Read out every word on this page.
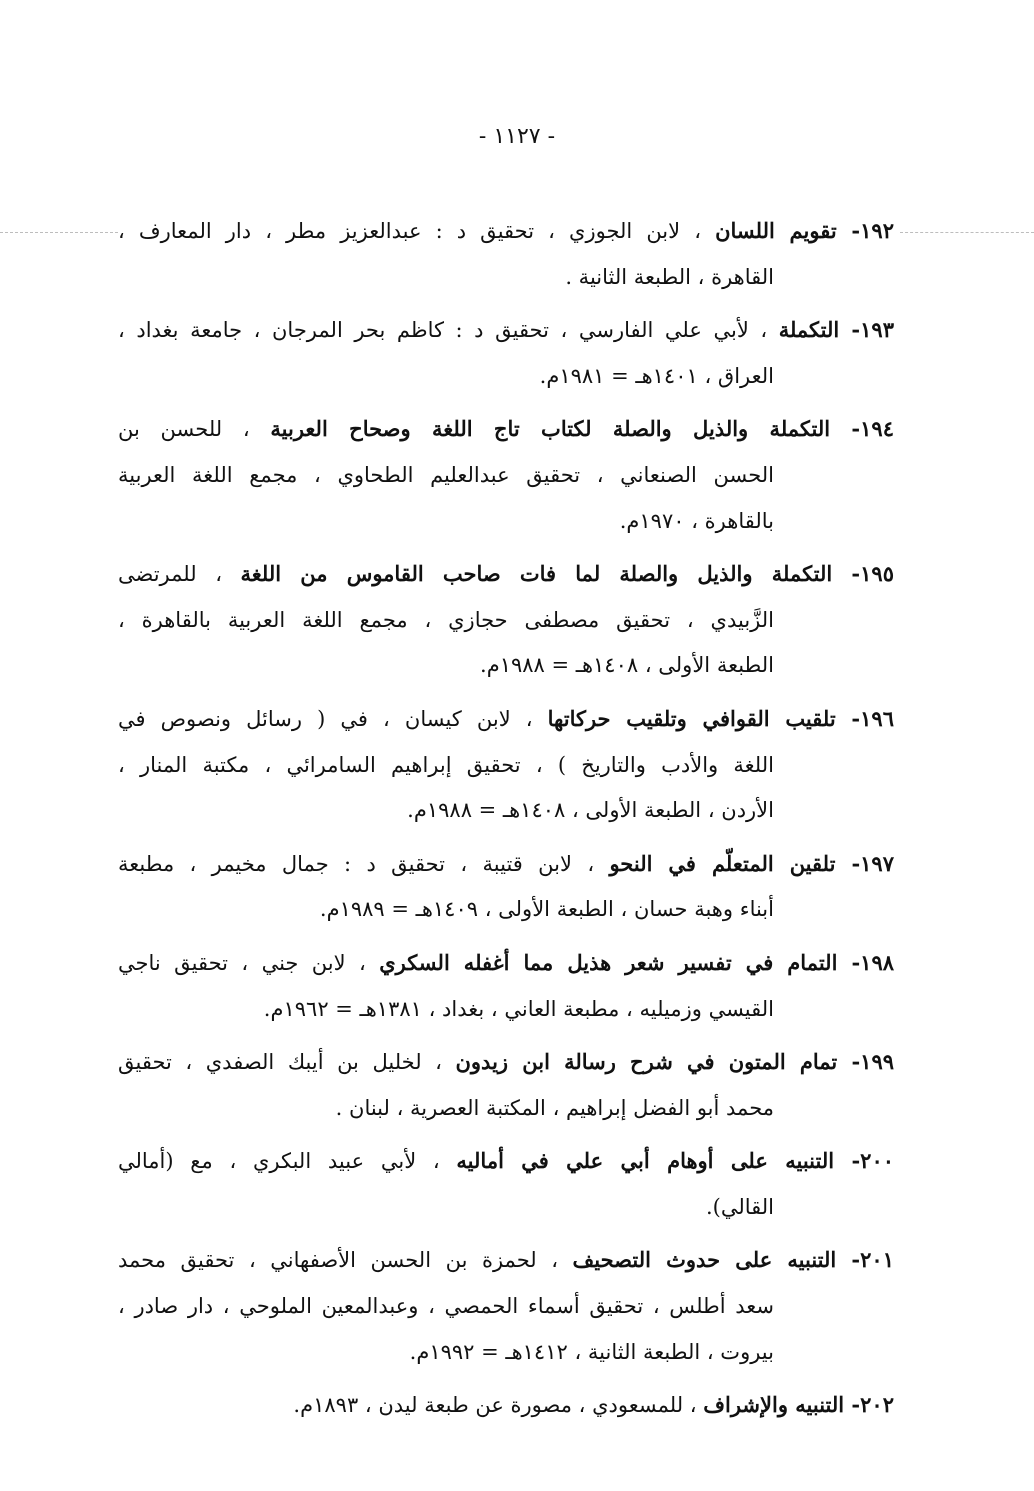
- ١١٢٧ -
١٩٢- تقويم اللسان ، لابن الجوزي ، تحقيق د : عبدالعزيز مطر ، دار المعارف ،
القاهرة ، الطبعة الثانية .
١٩٣- التكملة ، لأبي علي الفارسي ، تحقيق د : كاظم بحر المرجان ، جامعة بغداد ،
العراق ، ١٤٠١هـ = ١٩٨١م.
١٩٤- التكملة والذيل والصلة لكتاب تاج اللغة وصحاح العربية ، للحسن بن
الحسن الصنعاني ، تحقيق عبدالعليم الطحاوي ، مجمع اللغة العربية
بالقاهرة ، ١٩٧٠م.
١٩٥- التكملة والذيل والصلة لما فات صاحب القاموس من اللغة ، للمرتضى
الزَّبيدي ، تحقيق مصطفى حجازي ، مجمع اللغة العربية بالقاهرة ،
الطبعة الأولى ، ١٤٠٨هـ = ١٩٨٨م.
١٩٦- تلقيب القوافي وتلقيب حركاتها ، لابن كيسان ، في ( رسائل ونصوص في
اللغة والأدب والتاريخ ) ، تحقيق إبراهيم السامرائي ، مكتبة المنار ،
الأردن ، الطبعة الأولى ، ١٤٠٨هـ = ١٩٨٨م.
١٩٧- تلقين المتعلّم في النحو ، لابن قتيبة ، تحقيق د : جمال مخيمر ، مطبعة
أبناء وهبة حسان ، الطبعة الأولى ، ١٤٠٩هـ = ١٩٨٩م.
١٩٨- التمام في تفسير شعر هذيل مما أغفله السكري ، لابن جني ، تحقيق ناجي
القيسي وزميليه ، مطبعة العاني ، بغداد ، ١٣٨١هـ = ١٩٦٢م.
١٩٩- تمام المتون في شرح رسالة ابن زيدون ، لخليل بن أيبك الصفدي ، تحقيق
محمد أبو الفضل إبراهيم ، المكتبة العصرية ، لبنان .
٢٠٠- التنبيه على أوهام أبي علي في أماليه ، لأبي عبيد البكري ، مع (أمالي
القالي).
٢٠١- التنبيه على حدوث التصحيف ، لحمزة بن الحسن الأصفهاني ، تحقيق محمد
سعد أطلس ، تحقيق أسماء الحمصي ، وعبدالمعين الملوحي ، دار صادر ،
بيروت ، الطبعة الثانية ، ١٤١٢هـ = ١٩٩٢م.
٢٠٢- التنبيه والإشراف ، للمسعودي ، مصورة عن طبعة ليدن ، ١٨٩٣م.
